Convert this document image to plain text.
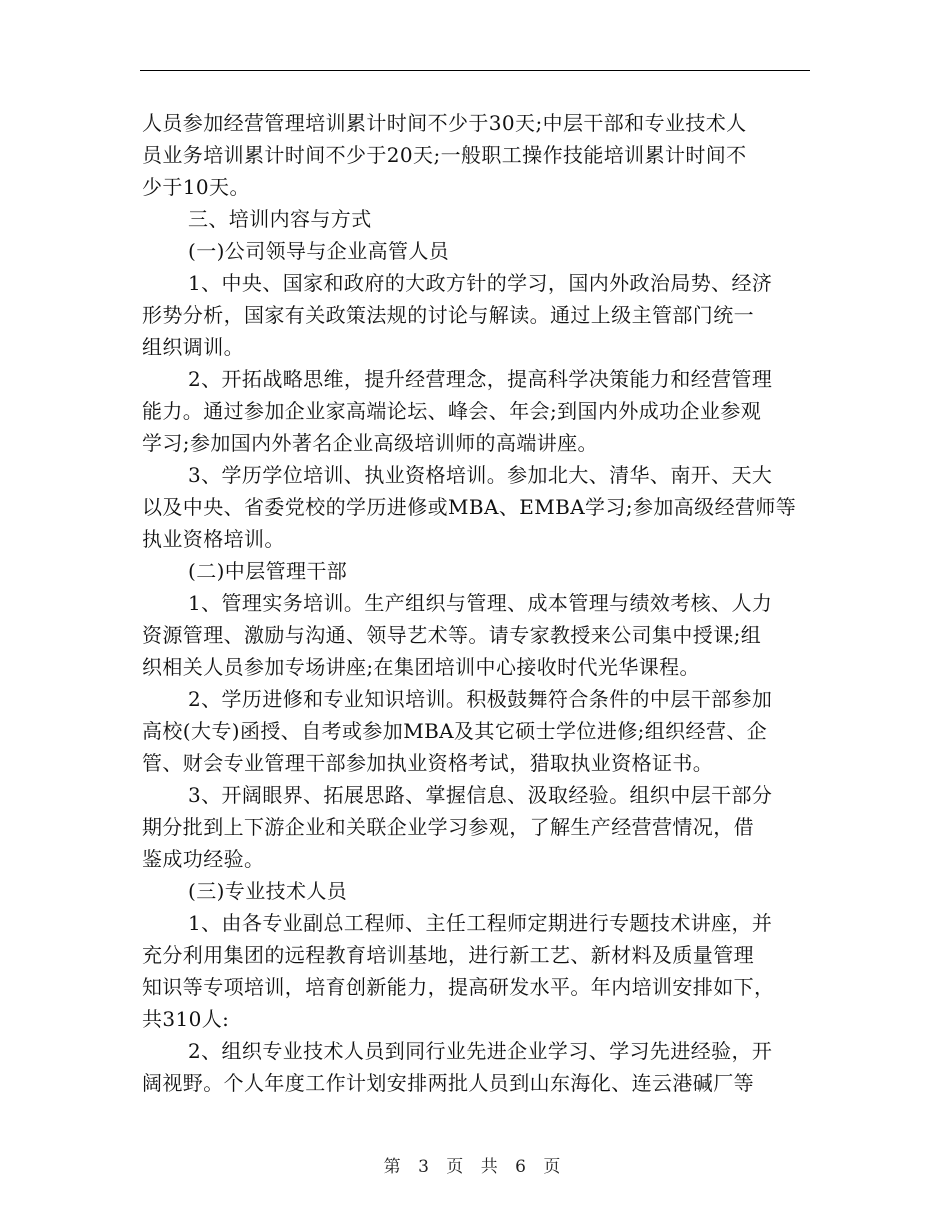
人员参加经营管理培训累计时间不少于30天;中层干部和专业技术人
员业务培训累计时间不少于20天;一般职工操作技能培训累计时间不
少于10天。
三、培训内容与方式
(一)公司领导与企业高管人员
1、中央、国家和政府的大政方针的学习，国内外政治局势、经济
形势分析，国家有关政策法规的讨论与解读。通过上级主管部门统一
组织调训。
2、开拓战略思维，提升经营理念，提高科学决策能力和经营管理
能力。通过参加企业家高端论坛、峰会、年会;到国内外成功企业参观
学习;参加国内外著名企业高级培训师的高端讲座。
3、学历学位培训、执业资格培训。参加北大、清华、南开、天大
以及中央、省委党校的学历进修或MBA、EMBA学习;参加高级经营师等
执业资格培训。
(二)中层管理干部
1、管理实务培训。生产组织与管理、成本管理与绩效考核、人力
资源管理、激励与沟通、领导艺术等。请专家教授来公司集中授课;组
织相关人员参加专场讲座;在集团培训中心接收时代光华课程。
2、学历进修和专业知识培训。积极鼓舞符合条件的中层干部参加
高校(大专)函授、自考或参加MBA及其它硕士学位进修;组织经营、企
管、财会专业管理干部参加执业资格考试，猎取执业资格证书。
3、开阔眼界、拓展思路、掌握信息、汲取经验。组织中层干部分
期分批到上下游企业和关联企业学习参观，了解生产经营营情况，借
鉴成功经验。
(三)专业技术人员
1、由各专业副总工程师、主任工程师定期进行专题技术讲座，并
充分利用集团的远程教育培训基地，进行新工艺、新材料及质量管理
知识等专项培训，培育创新能力，提高研发水平。年内培训安排如下，
共310人:
2、组织专业技术人员到同行业先进企业学习、学习先进经验，开
阔视野。个人年度工作计划安排两批人员到山东海化、连云港碱厂等
第 3 页 共 6 页
